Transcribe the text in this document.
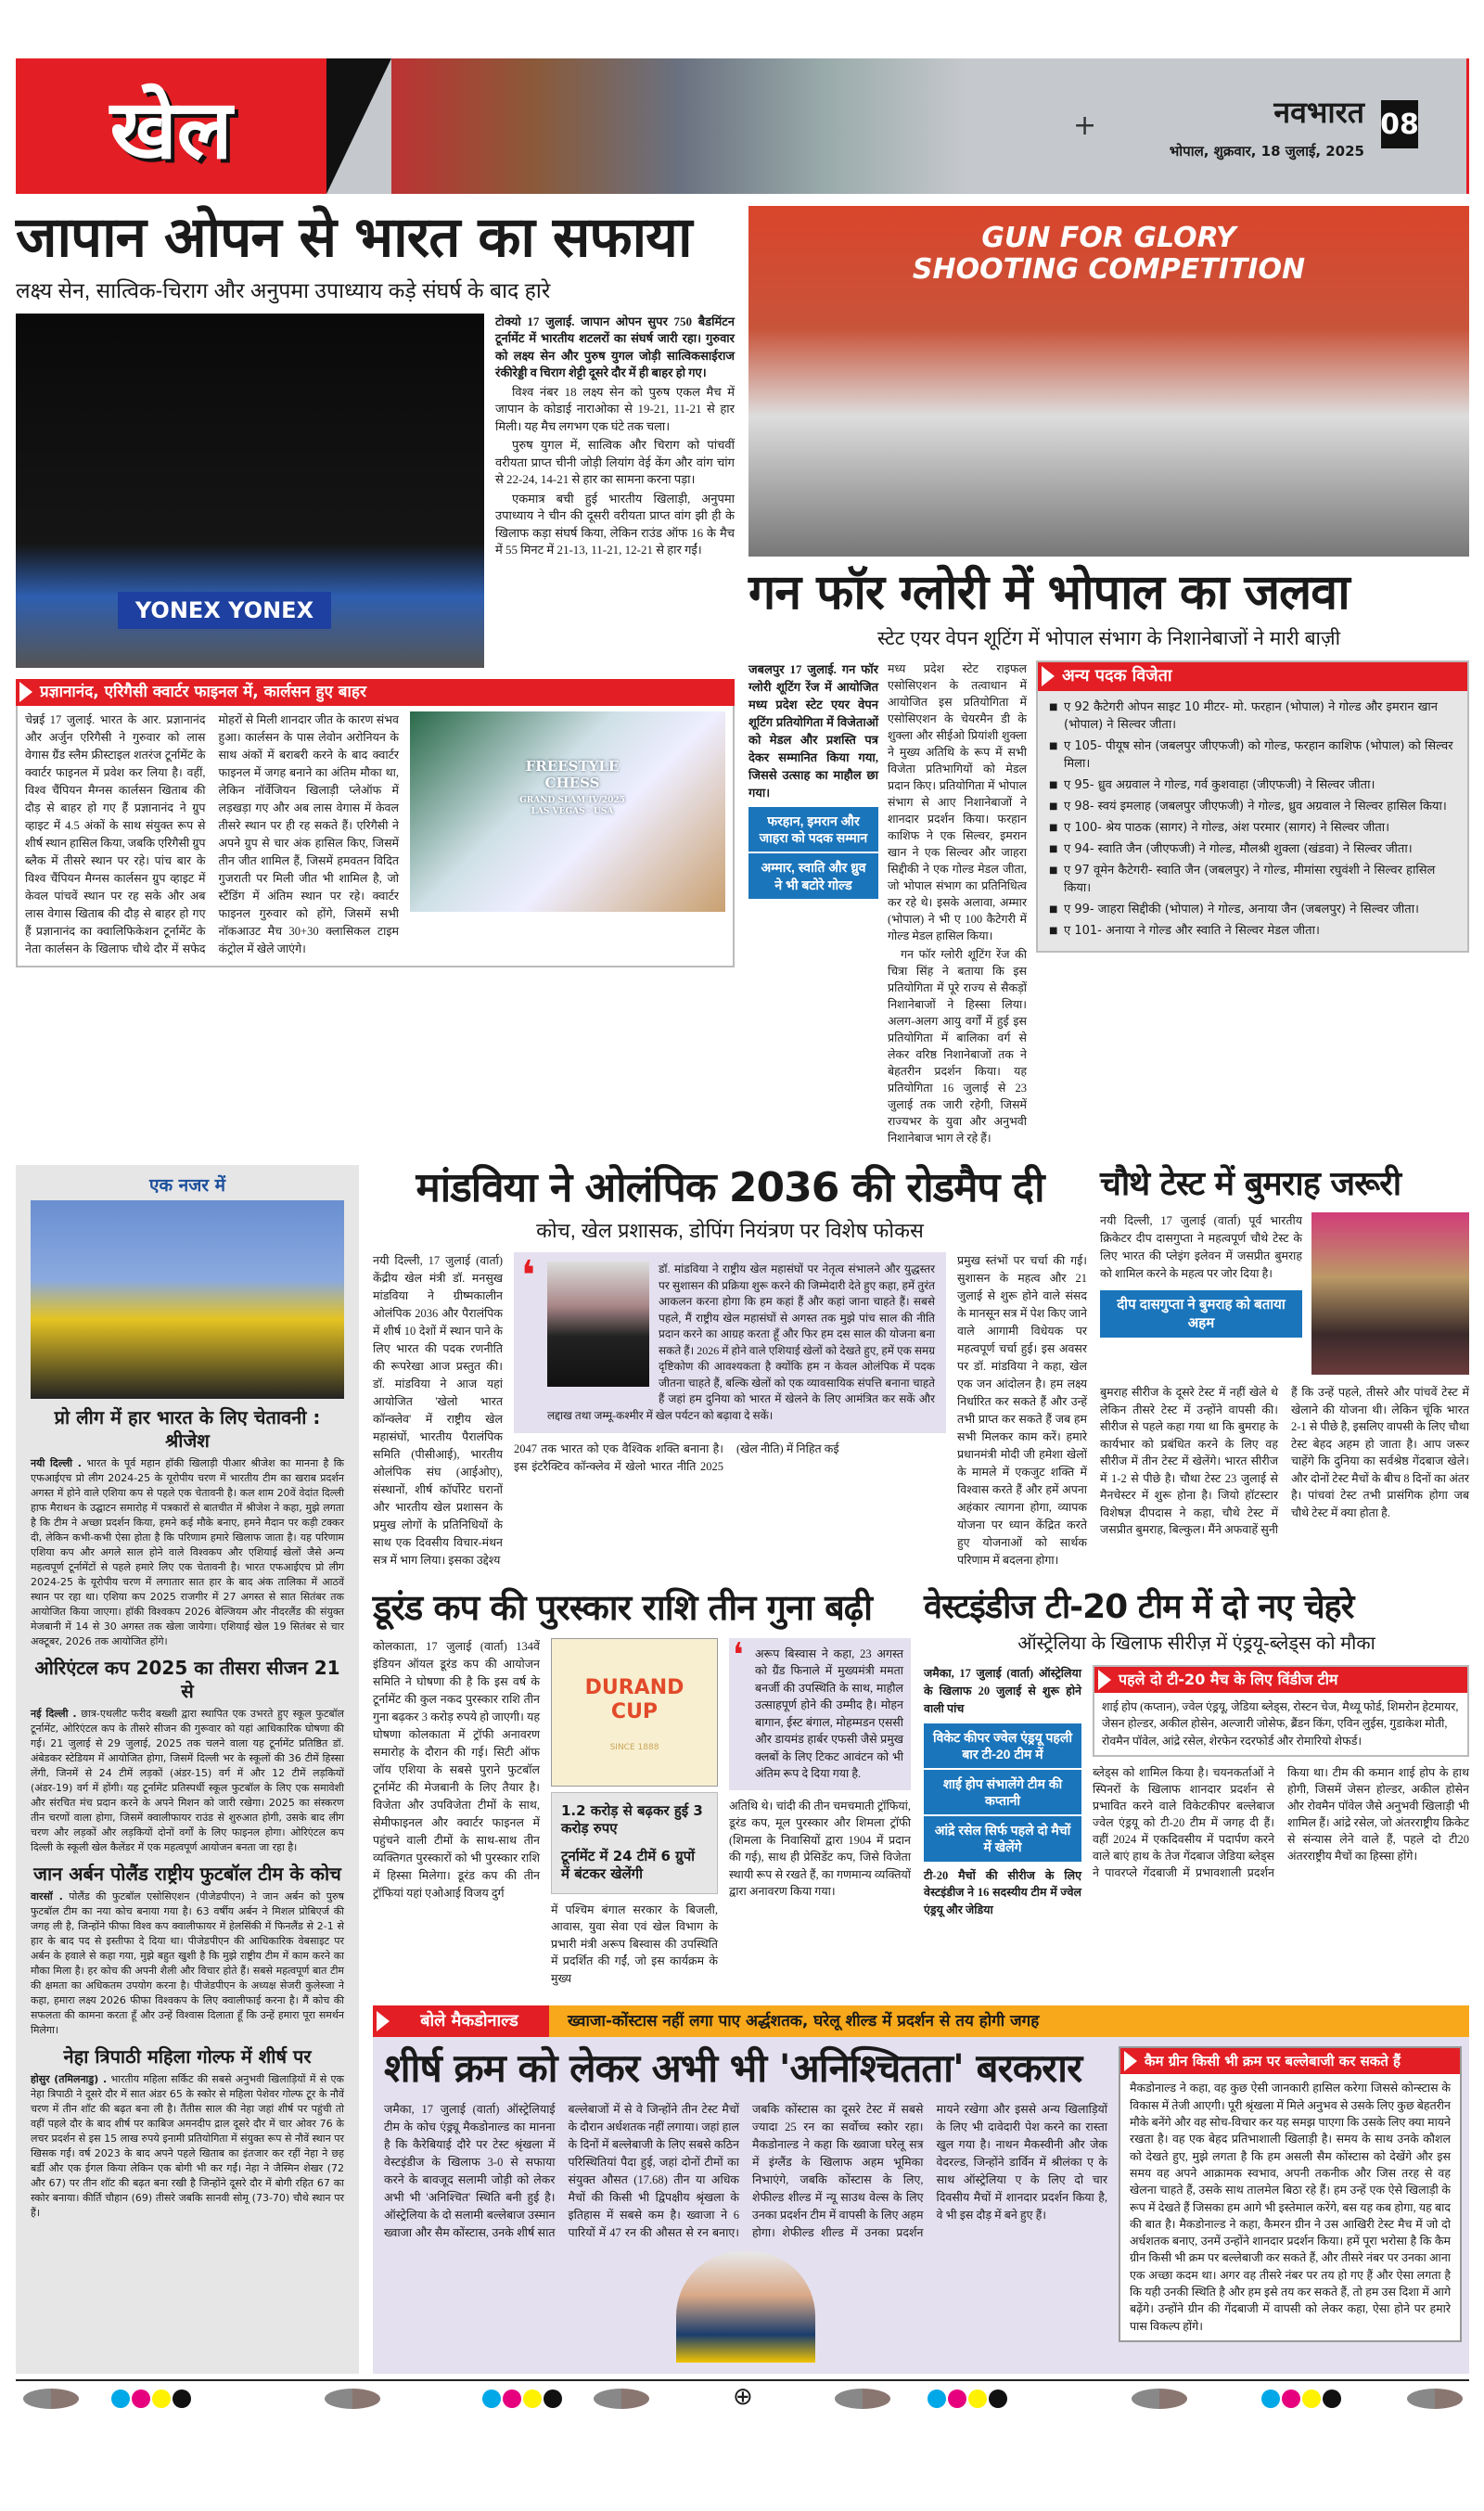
खेल	+	नवभारत
भोपाल, शुक्रवार, 18 जुलाई, 2025
08
जापान ओपन से भारत का सफाया
लक्ष्य सेन, सात्विक-चिराग और अनुपमा उपाध्याय कड़े संघर्ष के बाद हारे
YONEX YONEX

टोक्यो 17 जुलाई. जापान ओपन सुपर 750 बैडमिंटन टूर्नामेंट में भारतीय शटलरों का संघर्ष जारी रहा। गुरुवार को लक्ष्य सेन और पुरुष युगल जोड़ी सात्विकसाईराज रंकीरेड्डी व चिराग शेट्टी दूसरे दौर में ही बाहर हो गए।

विश्व नंबर 18 लक्ष्य सेन को पुरुष एकल मैच में जापान के कोडाई नाराओका से 19-21, 11-21 से हार मिली। यह मैच लगभग एक घंटे तक चला।

पुरुष युगल में, सात्विक और चिराग को पांचवीं वरीयता प्राप्त चीनी जोड़ी लियांग वेई केंग और वांग चांग से 22-24, 14-21 से हार का सामना करना पड़ा।

एकमात्र बची हुई भारतीय खिलाड़ी, अनुपमा उपाध्याय ने चीन की दूसरी वरीयता प्राप्त वांग झी ही के खिलाफ कड़ा संघर्ष किया, लेकिन राउंड ऑफ 16 के मैच में 55 मिनट में 21-13, 11-21, 12-21 से हार गईं।

प्रज्ञानानंद, एरिगैसी क्वार्टर फाइनल में, कार्लसन हुए बाहर

चेन्नई 17 जुलाई. भारत के आर. प्रज्ञानानंद और अर्जुन एरिगैसी ने गुरुवार को लास वेगास ग्रैंड स्लैम फ्रीस्टाइल शतरंज टूर्नामेंट के क्वार्टर फाइनल में प्रवेश कर लिया है। वहीं, विश्व चैंपियन मैग्नस कार्लसन खिताब की दौड़ से बाहर हो गए हैं प्रज्ञानानंद ने ग्रुप व्हाइट में 4.5 अंकों के साथ संयुक्त रूप से शीर्ष स्थान हासिल किया, जबकि एरिगैसी ग्रुप ब्लैक में तीसरे स्थान पर रहे। पांच बार के विश्व चैंपियन मैग्नस कार्लसन ग्रुप व्हाइट में केवल पांचवें स्थान पर रह सके और अब लास वेगास खिताब की दौड़ से बाहर हो गए हैं प्रज्ञानानंद का क्वालिफिकेशन टूर्नामेंट के नेता कार्लसन के खिलाफ चौथे दौर में सफेद मोहरों से मिली शानदार जीत के कारण संभव हुआ। कार्लसन के पास लेवोन अरोनियन के साथ अंकों में बराबरी करने के बाद क्वार्टर फाइनल में जगह बनाने का अंतिम मौका था, लेकिन नॉर्वेजियन खिलाड़ी प्लेऑफ में लड़खड़ा गए और अब लास वेगास में केवल तीसरे स्थान पर ही रह सकते हैं। एरिगैसी ने अपने ग्रुप से चार अंक हासिल किए, जिसमें तीन जीत शामिल हैं, जिसमें हमवतन विदित गुजराती पर मिली जीत भी शामिल है, जो स्टैंडिंग में अंतिम स्थान पर रहे। क्वार्टर फाइनल गुरुवार को होंगे, जिसमें सभी नॉकआउट मैच 30+30 क्लासिकल टाइम कंट्रोल में खेले जाएंगे।

FREESTYLE CHESS
GRAND SLAM IV/2025
LAS VEGAS · USA
GUN FOR GLORY SHOOTING COMPETITION
गन फॉर ग्लोरी में भोपाल का जलवा
स्टेट एयर वेपन शूटिंग में भोपाल संभाग के निशानेबाजों ने मारी बाज़ी

जबलपुर 17 जुलाई. गन फॉर ग्लोरी शूटिंग रेंज में आयोजित मध्य प्रदेश स्टेट एयर वेपन शूटिंग प्रतियोगिता में विजेताओं को मेडल और प्रशस्ति पत्र देकर सम्मानित किया गया, जिससे उत्साह का माहौल छा गया।

फरहान, इमरान और जाहरा को पदक सम्मान
अम्मार, स्वाति और ध्रुव ने भी बटोरे गोल्ड

मध्य प्रदेश स्टेट राइफल एसोसिएशन के तत्वाधान में आयोजित इस प्रतियोगिता में एसोसिएशन के चेयरमैन डी के शुक्ला और सीईओ प्रियांशी शुक्ला ने मुख्य अतिथि के रूप में सभी विजेता प्रतिभागियों को मेडल प्रदान किए। प्रतियोगिता में भोपाल संभाग से आए निशानेबाजों ने शानदार प्रदर्शन किया। फरहान काशिफ ने एक सिल्वर, इमरान खान ने एक सिल्वर और जाहरा सिद्दीकी ने एक गोल्ड मेडल जीता, जो भोपाल संभाग का प्रतिनिधित्व कर रहे थे। इसके अलावा, अम्मार (भोपाल) ने भी ए 100 कैटेगरी में गोल्ड मेडल हासिल किया।

गन फॉर ग्लोरी शूटिंग रेंज की चित्रा सिंह ने बताया कि इस प्रतियोगिता में पूरे राज्य से सैकड़ों निशानेबाजों ने हिस्सा लिया। अलग-अलग आयु वर्गों में हुई इस प्रतियोगिता में बालिका वर्ग से लेकर वरिष्ठ निशानेबाजों तक ने बेहतरीन प्रदर्शन किया। यह प्रतियोगिता 16 जुलाई से 23 जुलाई तक जारी रहेगी, जिसमें राज्यभर के युवा और अनुभवी निशानेबाज भाग ले रहे हैं।

अन्य पदक विजेता
■ ए 92 कैटेगरी ओपन साइट 10 मीटर- मो. फरहान (भोपाल) ने गोल्ड और इमरान खान (भोपाल) ने सिल्वर जीता।
■ ए 105- पीयूष सोन (जबलपुर जीएफजी) को गोल्ड, फरहान काशिफ (भोपाल) को सिल्वर मिला।
■ ए 95- ध्रुव अग्रवाल ने गोल्ड, गर्व कुशवाहा (जीएफजी) ने सिल्वर जीता।
■ ए 98- स्वयं इमलाह (जबलपुर जीएफजी) ने गोल्ड, ध्रुव अग्रवाल ने सिल्वर हासिल किया।
■ ए 100- श्रेय पाठक (सागर) ने गोल्ड, अंश परमार (सागर) ने सिल्वर जीता।
■ ए 94- स्वाति जैन (जीएफजी) ने गोल्ड, मौलश्री शुक्ला (खंडवा) ने सिल्वर जीता।
■ ए 97 वूमेन कैटेगरी- स्वाति जैन (जबलपुर) ने गोल्ड, मीमांसा रघुवंशी ने सिल्वर हासिल किया।
■ ए 99- जाहरा सिद्दीकी (भोपाल) ने गोल्ड, अनाया जैन (जबलपुर) ने सिल्वर जीता।
■ ए 101- अनाया ने गोल्ड और स्वाति ने सिल्वर मेडल जीता।
एक नजर में
प्रो लीग में हार भारत के लिए चेतावनी : श्रीजेश

नयी दिल्ली . भारत के पूर्व महान हॉकी खिलाड़ी पीआर श्रीजेश का मानना है कि एफआईएच प्रो लीग 2024-25 के यूरोपीय चरण में भारतीय टीम का खराब प्रदर्शन अगस्त में होने वाले एशिया कप से पहले एक चेतावनी है। कल शाम 20वें वेदांत दिल्ली हाफ मैराथन के उद्घाटन समारोह में पत्रकारों से बातचीत में श्रीजेश ने कहा, मुझे लगता है कि टीम ने अच्छा प्रदर्शन किया, हमने कई मौके बनाए, हमने मैदान पर कड़ी टक्कर दी, लेकिन कभी-कभी ऐसा होता है कि परिणाम हमारे खिलाफ जाता है। यह परिणाम एशिया कप और अगले साल होने वाले विश्वकप और एशियाई खेलों जैसे अन्य महत्वपूर्ण टूर्नामेंटों से पहले हमारे लिए एक चेतावनी है। भारत एफआईएच प्रो लीग 2024-25 के यूरोपीय चरण में लगातार सात हार के बाद अंक तालिका में आठवें स्थान पर रहा था। एशिया कप 2025 राजगीर में 27 अगस्त से सात सितंबर तक आयोजित किया जाएगा। हॉकी विश्वकप 2026 बेल्जियम और नीदरलैंड की संयुक्त मेजबानी में 14 से 30 अगस्त तक खेला जायेगा। एशियाई खेल 19 सितंबर से चार अक्टूबर, 2026 तक आयोजित होंगे।

ओरिएंटल कप 2025 का तीसरा सीजन 21 से

नई दिल्ली . छात्र-एथलीट फरीद बख्शी द्वारा स्थापित एक उभरते हुए स्कूल फुटबॉल टूर्नामेंट, ओरिएंटल कप के तीसरे सीजन की गुरूवार को यहां आधिकारिक घोषणा की गई। 21 जुलाई से 29 जुलाई, 2025 तक चलने वाला यह टूर्नामेंट प्रतिष्ठित डॉ. अंबेडकर स्टेडियम में आयोजित होगा, जिसमें दिल्ली भर के स्कूलों की 36 टीमें हिस्सा लेंगी, जिनमें से 24 टीमें लड़कों (अंडर-15) वर्ग में और 12 टीमें लड़कियों (अंडर-19) वर्ग में होंगी। यह टूर्नामेंट प्रतिस्पर्धी स्कूल फुटबॉल के लिए एक समावेशी और संरचित मंच प्रदान करने के अपने मिशन को जारी रखेगा। 2025 का संस्करण तीन चरणों वाला होगा, जिसमें क्वालीफायर राउंड से शुरुआत होगी, उसके बाद लीग चरण और लड़कों और लड़कियों दोनों वर्गों के लिए फाइनल होगा। ओरिएंटल कप दिल्ली के स्कूली खेल कैलेंडर में एक महत्वपूर्ण आयोजन बनता जा रहा है।

जान अर्बन पोलैंड राष्ट्रीय फुटबॉल टीम के कोच

वारसॉ . पोलैंड की फुटबॉल एसोसिएशन (पीजेडपीएन) ने जान अर्बन को पुरुष फुटबॉल टीम का नया कोच बनाया गया है। 63 वर्षीय अर्बन ने मिशल प्रोबिएर्ज की जगह ली है, जिन्होंने फीफा विश्व कप क्वालीफायर में हेलसिंकी में फिनलैंड से 2-1 से हार के बाद पद से इस्तीफा दे दिया था। पीजेडपीएन की आधिकारिक वेबसाइट पर अर्बन के हवाले से कहा गया, मुझे बहुत खुशी है कि मुझे राष्ट्रीय टीम में काम करने का मौका मिला है। हर कोच की अपनी शैली और विचार होते हैं। सबसे महत्वपूर्ण बात टीम की क्षमता का अधिकतम उपयोग करना है। पीजेडपीएन के अध्यक्ष सेजरी कुलेस्जा ने कहा, हमारा लक्ष्य 2026 फीफा विश्वकप के लिए क्वालीफाई करना है। मैं कोच की सफलता की कामना करता हूँ और उन्हें विश्वास दिलाता हूँ कि उन्हें हमारा पूरा समर्थन मिलेगा।

नेहा त्रिपाठी महिला गोल्फ में शीर्ष पर

होसुर (तमिलनाडु) . भारतीय महिला सर्किट की सबसे अनुभवी खिलाड़ियों में से एक नेहा त्रिपाठी ने दूसरे दौर में सात अंडर 65 के स्कोर से महिला पेशेवर गोल्फ टूर के नौवें चरण में तीन शॉट की बढ़त बना ली है। तैंतीस साल की नेहा जहां शीर्ष पर पहुंची तो वहीं पहले दौर के बाद शीर्ष पर काबिज अमनदीप द्राल दूसरे दौर में चार ओवर 76 के लचर प्रदर्शन से इस 15 लाख रुपये इनामी प्रतियोगिता में संयुक्त रूप से नौवें स्थान पर खिसक गईं। वर्ष 2023 के बाद अपने पहले खिताब का इंतजार कर रहीं नेहा ने छह बर्डी और एक ईगल किया लेकिन एक बोगी भी कर गईं। नेहा ने जैस्मिन शेखर (72 और 67) पर तीन शॉट की बढ़त बना रखी है जिन्होंने दूसरे दौर में बोगी रहित 67 का स्कोर बनाया। कीर्ति चौहान (69) तीसरे जबकि सानवी सोमू (73-70) चौथे स्थान पर हैं।

मांडविया ने ओलंपिक 2036 की रोडमैप दी
कोच, खेल प्रशासक, डोपिंग नियंत्रण पर विशेष फोकस
नयी दिल्ली, 17 जुलाई (वार्ता) केंद्रीय खेल मंत्री डॉ. मनसुख मांडविया ने ग्रीष्मकालीन ओलंपिक 2036 और पैरालंपिक में शीर्ष 10 देशों में स्थान पाने के लिए भारत की पदक रणनीति की रूपरेखा आज प्रस्तुत की। डॉ. मांडविया ने आज यहां आयोजित 'खेलो भारत कॉन्क्लेव' में राष्ट्रीय खेल महासंघों, भारतीय पैरालंपिक समिति (पीसीआई), भारतीय ओलंपिक संघ (आईओए), संस्थानों, शीर्ष कॉर्पोरेट घरानों और भारतीय खेल प्रशासन के प्रमुख लोगों के प्रतिनिधियों के साथ एक दिवसीय विचार-मंथन सत्र में भाग लिया। इसका उद्देश्य
❛	डॉ. मांडविया ने राष्ट्रीय खेल महासंघों पर नेतृत्व संभालने और युद्धस्तर पर सुशासन की प्रक्रिया शुरू करने की जिम्मेदारी देते हुए कहा, हमें तुरंत आकलन करना होगा कि हम कहां हैं और कहां जाना चाहते हैं। सबसे पहले, मैं राष्ट्रीय खेल महासंघों से अगस्त तक मुझे पांच साल की नीति प्रदान करने का आग्रह करता हूँ और फिर हम दस साल की योजना बना सकते हैं। 2026 में होने वाले एशियाई खेलों को देखते हुए, हमें एक समग्र दृष्टिकोण की आवश्यकता है क्योंकि हम न केवल ओलंपिक में पदक जीतना चाहते हैं, बल्कि खेलों को एक व्यावसायिक संपत्ति बनाना चाहते हैं जहां हम दुनिया को भारत में खेलने के लिए आमंत्रित कर सकें और लद्दाख तथा जम्मू-कश्मीर में खेल पर्यटन को बढ़ावा दे सकें।

2047 तक भारत को एक वैश्विक शक्ति बनाना है। इस इंटरैक्टिव कॉन्क्लेव में खेलो भारत नीति 2025 (खेल नीति) में निहित कई
प्रमुख स्तंभों पर चर्चा की गई। सुशासन के महत्व और 21 जुलाई से शुरू होने वाले संसद के मानसून सत्र में पेश किए जाने वाले आगामी विधेयक पर महत्वपूर्ण चर्चा हुई। इस अवसर पर डॉ. मांडविया ने कहा, खेल एक जन आंदोलन है। हम लक्ष्य निर्धारित कर सकते हैं और उन्हें तभी प्राप्त कर सकते हैं जब हम सभी मिलकर काम करें। हमारे प्रधानमंत्री मोदी जी हमेशा खेलों के मामले में एकजुट शक्ति में विश्वास करते हैं और हमें अपना अहंकार त्यागना होगा, व्यापक योजना पर ध्यान केंद्रित करते हुए योजनाओं को सार्थक परिणाम में बदलना होगा।
चौथे टेस्ट में बुमराह जरूरी
नयी दिल्ली, 17 जुलाई (वार्ता) पूर्व भारतीय क्रिकेटर दीप दासगुप्ता ने महत्वपूर्ण चौथे टेस्ट के लिए भारत की प्लेइंग इलेवन में जसप्रीत बुमराह को शामिल करने के महत्व पर जोर दिया है।
दीप दासगुप्ता ने बुमराह को बताया अहम
बुमराह सीरीज के दूसरे टेस्ट में नहीं खेले थे लेकिन तीसरे टेस्ट में उन्होंने वापसी की। सीरीज से पहले कहा गया था कि बुमराह के कार्यभार को प्रबंधित करने के लिए वह सीरीज में तीन टेस्ट में खेलेंगे। भारत सीरीज में 1-2 से पीछे है। चौथा टेस्ट 23 जुलाई से मैनचेस्टर में शुरू होना है। जियो हॉटस्टार विशेषज्ञ दीपदास ने कहा, चौथे टेस्ट में जसप्रीत बुमराह, बिल्कुल। मैंने अफवाहें सुनी हैं कि उन्हें पहले, तीसरे और पांचवें टेस्ट में खेलाने की योजना थी। लेकिन चूंकि भारत 2-1 से पीछे है, इसलिए वापसी के लिए चौथा टेस्ट बेहद अहम हो जाता है। आप जरूर चाहेंगे कि दुनिया का सर्वश्रेष्ठ गेंदबाज खेले। और दोनों टेस्ट मैचों के बीच 8 दिनों का अंतर है। पांचवां टेस्ट तभी प्रासंगिक होगा जब चौथे टेस्ट में क्या होता है.
डूरंड कप की पुरस्कार राशि तीन गुना बढ़ी
कोलकाता, 17 जुलाई (वार्ता) 134वें इंडियन ऑयल डूरंड कप की आयोजन समिति ने घोषणा की है कि इस वर्ष के टूर्नामेंट की कुल नकद पुरस्कार राशि तीन गुना बढ़कर 3 करोड़ रुपये हो जाएगी। यह घोषणा कोलकाता में ट्रॉफी अनावरण समारोह के दौरान की गई। सिटी ऑफ जॉय एशिया के सबसे पुराने फुटबॉल टूर्नामेंट की मेजबानी के लिए तैयार है। विजेता और उपविजेता टीमों के साथ, सेमीफाइनल और क्वार्टर फाइनल में पहुंचने वाली टीमों के साथ-साथ तीन व्यक्तिगत पुरस्कारों को भी पुरस्कार राशि में हिस्सा मिलेगा। डूरंड कप की तीन ट्रॉफियां यहां एओआई विजय दुर्ग
DURAND CUP
SINCE 1888
1.2 करोड़ से बढ़कर हुई 3 करोड़ रुपए
टूर्नामेंट में 24 टीमें 6 ग्रुपों में बंटकर खेलेंगी
में पश्चिम बंगाल सरकार के बिजली, आवास, युवा सेवा एवं खेल विभाग के प्रभारी मंत्री अरूप बिस्वास की उपस्थिति में प्रदर्शित की गईं, जो इस कार्यक्रम के मुख्य
❛ अरूप बिस्वास ने कहा, 23 अगस्त को ग्रैंड फिनाले में मुख्यमंत्री ममता बनर्जी की उपस्थिति के साथ, माहौल उत्साहपूर्ण होने की उम्मीद है। मोहन बागान, ईस्ट बंगाल, मोहम्मडन एससी और डायमंड हार्बर एफसी जैसे प्रमुख क्लबों के लिए टिकट आवंटन को भी अंतिम रूप दे दिया गया है.
अतिथि थे। चांदी की तीन चमचमाती ट्रॉफियां, डूरंड कप, मूल पुरस्कार और शिमला ट्रॉफी (शिमला के निवासियों द्वारा 1904 में प्रदान की गई), साथ ही प्रेसिडेंट कप, जिसे विजेता स्थायी रूप से रखते हैं, का गणमान्य व्यक्तियों द्वारा अनावरण किया गया।
वेस्टइंडीज टी-20 टीम में दो नए चेहरे
ऑस्ट्रेलिया के खिलाफ सीरीज़ में एंड्रयू-ब्लेड्स को मौका
जमैका, 17 जुलाई (वार्ता) ऑस्ट्रेलिया के खिलाफ 20 जुलाई से शुरू होने वाली पांच
विकेट कीपर ज्वेल एंड्रयू पहली बार टी-20 टीम में
शाई होप संभालेंगे टीम की कप्तानी
आंद्रे रसेल सिर्फ पहले दो मैचों में खेलेंगे
टी-20 मैचों की सीरीज के लिए वेस्टइंडीज ने 16 सदस्यीय टीम में ज्वेल एंड्रयू और जेडिया
पहले दो टी-20 मैच के लिए विंडीज टीम

शाई होप (कप्तान), ज्वेल एंड्रयू, जेडिया ब्लेड्स, रोस्टन चेज, मैथ्यू फोर्ड, शिमरोन हेटमायर, जेसन होल्डर, अकील होसेन, अल्जारी जोसेफ, ब्रैंडन किंग, एविन लुईस, गुडाकेश मोती, रोवमैन पॉवेल, आंद्रे रसेल, शेरफेन रदरफोर्ड और रोमारियो शेफर्ड।

ब्लेड्स को शामिल किया है। चयनकर्ताओं ने स्पिनरों के खिलाफ शानदार प्रदर्शन से प्रभावित करने वाले विकेटकीपर बल्लेबाज ज्वेल एंड्रयू को टी-20 टीम में जगह दी हैं। वहीं 2024 में एकदिवसीय में पदार्पण करने वाले बाएं हाथ के तेज गेंदबाज जेडिया ब्लेड्स ने पावरप्ले गेंदबाजी में प्रभावशाली प्रदर्शन किया था। टीम की कमान शाई होप के हाथ होगी, जिसमें जेसन होल्डर, अकील होसेन और रोवमैन पॉवेल जैसे अनुभवी खिलाड़ी भी शामिल हैं। आंद्रे रसेल, जो अंतरराष्ट्रीय क्रिकेट से संन्यास लेने वाले हैं, पहले दो टी20 अंतरराष्ट्रीय मैचों का हिस्सा होंगे।
बोले मैकडोनाल्ड	ख्वाजा-कोंस्टास नहीं लगा पाए अर्द्धशतक, घरेलू शील्ड में प्रदर्शन से तय होगी जगह
शीर्ष क्रम को लेकर अभी भी 'अनिश्चितता' बरकरार
जमैका, 17 जुलाई (वार्ता) ऑस्ट्रेलियाई टीम के कोच एंड्र्यू मैकडोनाल्ड का मानना है कि कैरेबियाई दौरे पर टेस्ट श्रृंखला में वेस्टइंडीज के खिलाफ 3-0 से सफाया करने के बावजूद सलामी जोड़ी को लेकर अभी भी 'अनिश्चित' स्थिति बनी हुई है। ऑस्ट्रेलिया के दो सलामी बल्लेबाज उस्मान ख्वाजा और सैम कोंस्टास, उनके शीर्ष सात बल्लेबाजों में से वे जिन्होंने तीन टेस्ट मैचों के दौरान अर्धशतक नहीं लगाया। जहां हाल के दिनों में बल्लेबाजी के लिए सबसे कठिन परिस्थितियां पैदा हुई, जहां दोनों टीमों का संयुक्त औसत (17.68) तीन या अधिक मैचों की किसी भी द्विपक्षीय श्रृंखला के इतिहास में सबसे कम है। ख्वाजा ने 6 पारियों में 47 रन की औसत से रन बनाए। जबकि कोंस्टास का दूसरे टेस्ट में सबसे ज्यादा 25 रन का सर्वोच्च स्कोर रहा। मैकडोनाल्ड ने कहा कि ख्वाजा घरेलू सत्र में इंग्लैंड के खिलाफ अहम भूमिका निभाएंगे, जबकि कोंस्टास के लिए, शेफील्ड शील्ड में न्यू साउथ वेल्स के लिए उनका प्रदर्शन टीम में वापसी के लिए अहम होगा। शेफील्ड शील्ड में उनका प्रदर्शन मायने रखेगा और इससे अन्य खिलाड़ियों के लिए भी दावेदारी पेश करने का रास्ता खुल गया है। नाथन मैकस्वीनी और जेक वेदरल्ड, जिन्होंने डार्विन में श्रीलंका ए के साथ ऑस्ट्रेलिया ए के लिए दो चार दिवसीय मैचों में शानदार प्रदर्शन किया है, वे भी इस दौड़ में बने हुए हैं।
कैम ग्रीन किसी भी क्रम पर बल्लेबाजी कर सकते हैं

मैकडोनाल्ड ने कहा, वह कुछ ऐसी जानकारी हासिल करेगा जिससे कोन्स्टास के विकास में तेजी आएगी। पूरी श्रृंखला में मिले अनुभव से उसके लिए कुछ बेहतरीन मौके बनेंगे और वह सोच-विचार कर यह समझ पाएगा कि उसके लिए क्या मायने रखता है। वह एक बेहद प्रतिभाशाली खिलाड़ी है। समय के साथ उनके कौशल को देखते हुए, मुझे लगता है कि हम असली सैम कोंस्टास को देखेंगे और इस समय वह अपने आक्रामक स्वभाव, अपनी तकनीक और जिस तरह से वह खेलना चाहते हैं, उसके साथ तालमेल बिठा रहे हैं। हम उन्हें एक ऐसे खिलाड़ी के रूप में देखते हैं जिसका हम आगे भी इस्तेमाल करेंगे, बस यह कब होगा, यह बाद की बात है। मैकडोनाल्ड ने कहा, कैमरन ग्रीन ने उस आखिरी टेस्ट मैच में जो दो अर्धशतक बनाए, उनमें उन्होंने शानदार प्रदर्शन किया। हमें पूरा भरोसा है कि कैम ग्रीन किसी भी क्रम पर बल्लेबाजी कर सकते हैं, और तीसरे नंबर पर उनका आना एक अच्छा कदम था। अगर वह तीसरे नंबर पर तय हो गए हैं और ऐसा लगता है कि यही उनकी स्थिति है और हम इसे तय कर सकते हैं, तो हम उस दिशा में आगे बढ़ेंगे। उन्होंने ग्रीन की गेंदबाजी में वापसी को लेकर कहा, ऐसा होने पर हमारे पास विकल्प होंगे।

⊕
